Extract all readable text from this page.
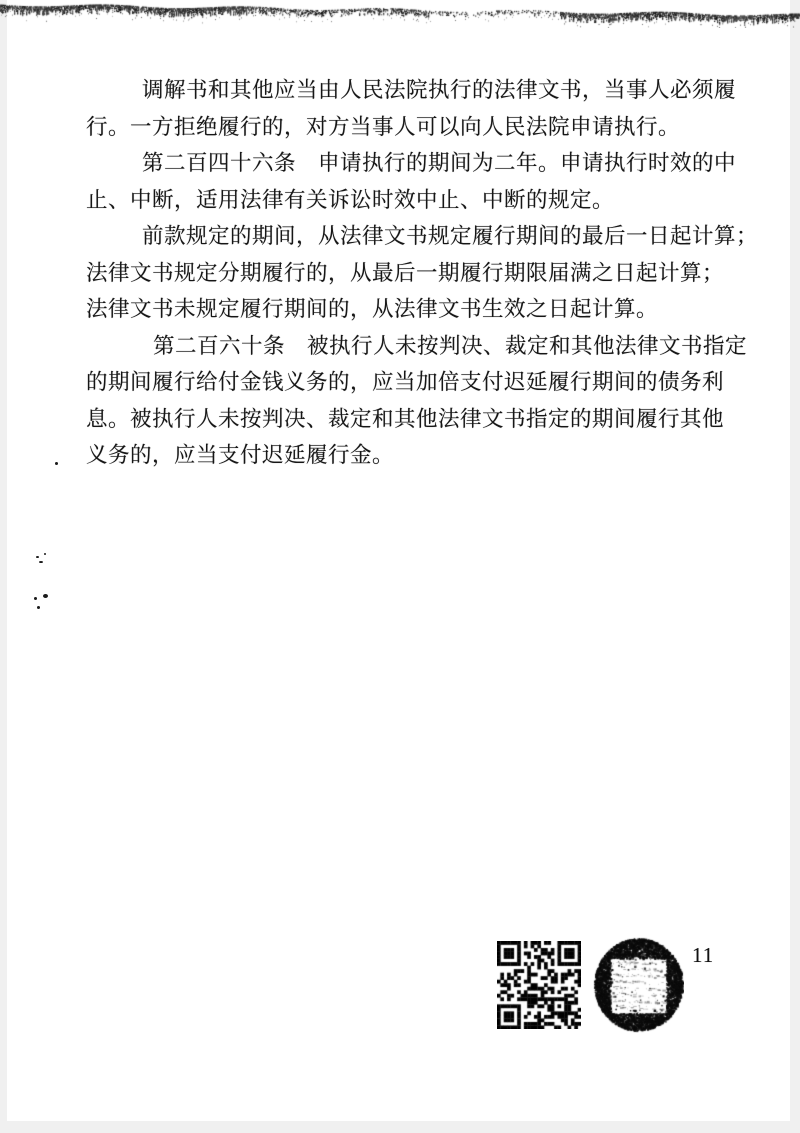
调解书和其他应当由人民法院执行的法律文书，当事人必须履
行。一方拒绝履行的，对方当事人可以向人民法院申请执行。
第二百四十六条　申请执行的期间为二年。申请执行时效的中
止、中断，适用法律有关诉讼时效中止、中断的规定。
前款规定的期间，从法律文书规定履行期间的最后一日起计算；
法律文书规定分期履行的，从最后一期履行期限届满之日起计算；
法律文书未规定履行期间的，从法律文书生效之日起计算。
第二百六十条　被执行人未按判决、裁定和其他法律文书指定
的期间履行给付金钱义务的，应当加倍支付迟延履行期间的债务利
息。被执行人未按判决、裁定和其他法律文书指定的期间履行其他
义务的，应当支付迟延履行金。
11
